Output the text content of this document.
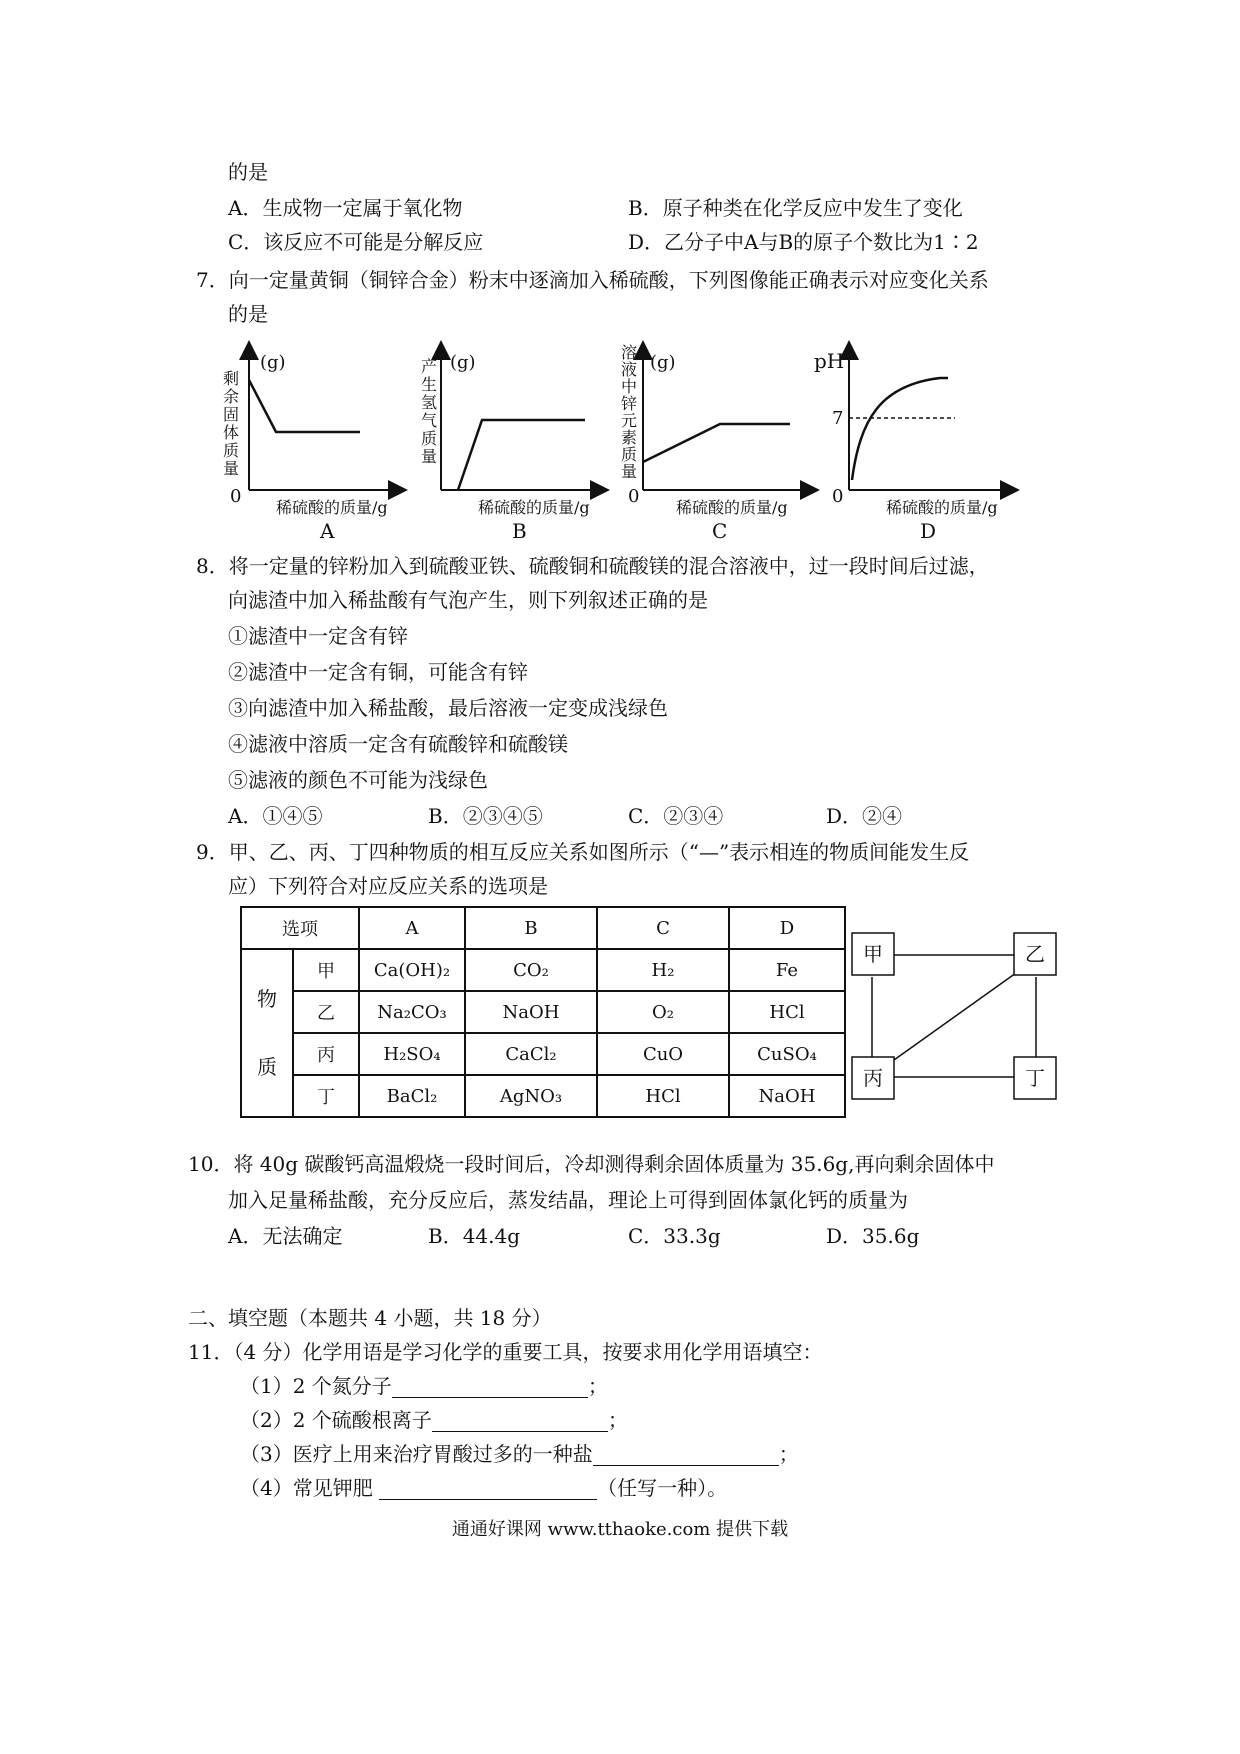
的是
A．生成物一定属于氧化物	B．原子种类在化学反应中发生了变化
C．该反应不可能是分解反应	D．乙分子中A与B的原子个数比为1∶2
7．向一定量黄铜（铜锌合金）粉末中逐滴加入稀硫酸，下列图像能正确表示对应变化关系
的是
剩余固体质量
(g)
0
稀硫酸的质量/g
A
产生氢气质量 (g)
稀硫酸的质量/g
B
溶液中锌元素质量 (g)
0
稀硫酸的质量/g
C
pH
7
0
稀硫酸的质量/g
D
8．将一定量的锌粉加入到硫酸亚铁、硫酸铜和硫酸镁的混合溶液中，过一段时间后过滤，
向滤渣中加入稀盐酸有气泡产生，则下列叙述正确的是
①滤渣中一定含有锌
②滤渣中一定含有铜，可能含有锌
③向滤渣中加入稀盐酸，最后溶液一定变成浅绿色
④滤液中溶质一定含有硫酸锌和硫酸镁
⑤滤液的颜色不可能为浅绿色
A．①④⑤	B．②③④⑤	C．②③④	D．②④
9．甲、乙、丙、丁四种物质的相互反应关系如图所示（“—”表示相连的物质间能发生反
应）下列符合对应反应关系的选项是
选项		A	B	C	D

物
质	甲	Ca(OH)₂	CO₂	H₂	Fe
	乙	Na₂CO₃	NaOH	O₂	HCl
	丙	H₂SO₄	CaCl₂	CuO	CuSO₄
	丁	BaCl₂	AgNO₃	HCl	NaOH
甲	乙
丙	丁
10．将 40g 碳酸钙高温煅烧一段时间后，冷却测得剩余固体质量为 35.6g,再向剩余固体中
加入足量稀盐酸，充分反应后，蒸发结晶，理论上可得到固体氯化钙的质量为
A．无法确定	B．44.4g	C．33.3g	D．35.6g
二、填空题（本题共 4 小题，共 18 分）
11．（4 分）化学用语是学习化学的重要工具，按要求用化学用语填空：
（1）2 个氮分子	；
（2）2 个硫酸根离子	；
（3）医疗上用来治疗胃酸过多的一种盐	；
（4）常见钾肥	（任写一种）。
通通好课网 www.tthaoke.com 提供下载
